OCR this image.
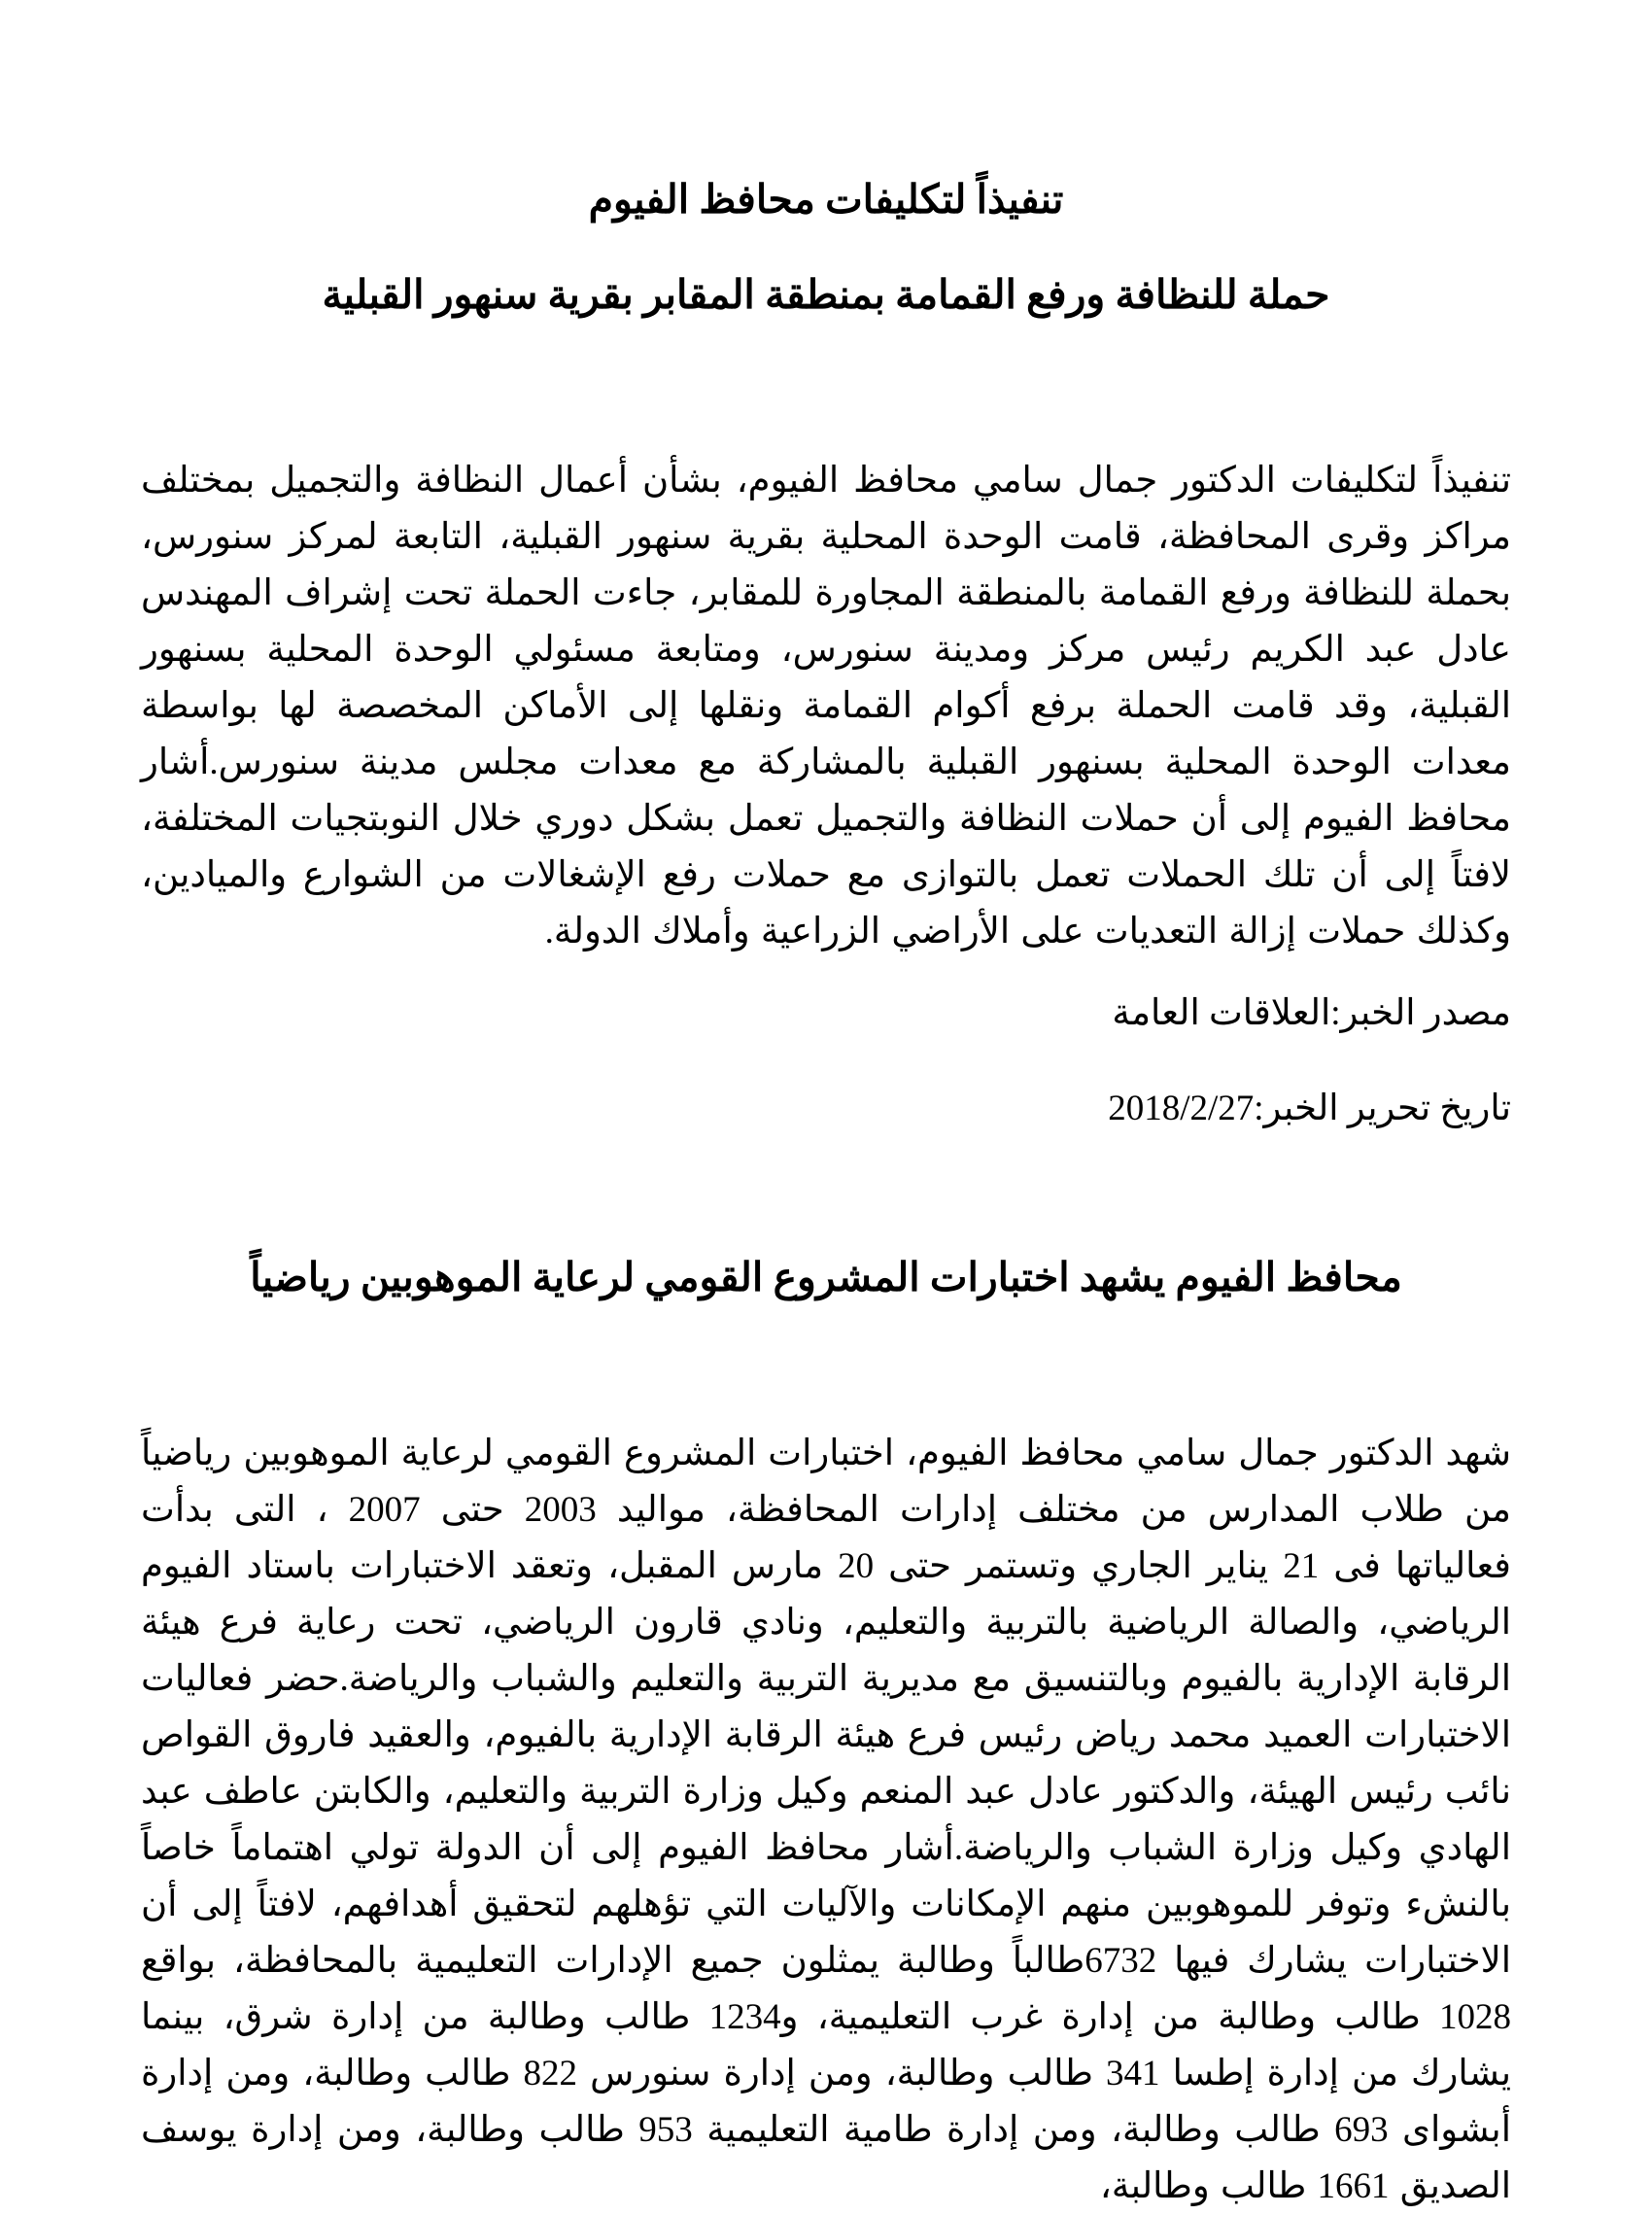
تنفيذاً لتكليفات محافظ الفيوم
حملة للنظافة ورفع القمامة بمنطقة المقابر بقرية سنهور القبلية

تنفيذاً لتكليفات الدكتور جمال سامي محافظ الفيوم، بشأن أعمال النظافة والتجميل بمختلف مراكز وقرى المحافظة، قامت الوحدة المحلية بقرية سنهور القبلية، التابعة لمركز سنورس، بحملة للنظافة ورفع القمامة بالمنطقة المجاورة للمقابر، جاءت الحملة تحت إشراف المهندس عادل عبد الكريم رئيس مركز ومدينة سنورس، ومتابعة مسئولي الوحدة المحلية بسنهور القبلية، وقد قامت الحملة برفع أكوام القمامة ونقلها إلى الأماكن المخصصة لها بواسطة معدات الوحدة المحلية بسنهور القبلية بالمشاركة مع معدات مجلس مدينة سنورس.أشار محافظ الفيوم إلى أن حملات النظافة والتجميل تعمل بشكل دوري خلال النوبتجيات المختلفة، لافتاً إلى أن تلك الحملات تعمل بالتوازى مع حملات رفع الإشغالات من الشوارع والميادين، وكذلك حملات إزالة التعديات على الأراضي الزراعية وأملاك الدولة.

مصدر الخبر:العلاقات العامة

تاريخ تحرير الخبر:2018/2/27

محافظ الفيوم يشهد اختبارات المشروع القومي لرعاية الموهوبين رياضياً

شهد الدكتور جمال سامي محافظ الفيوم، اختبارات المشروع القومي لرعاية الموهوبين رياضياً من طلاب المدارس من مختلف إدارات المحافظة، مواليد 2003 حتى 2007 ، التى بدأت فعالياتها فى 21 يناير الجاري وتستمر حتى 20 مارس المقبل، وتعقد الاختبارات باستاد الفيوم الرياضي، والصالة الرياضية بالتربية والتعليم، ونادي قارون الرياضي، تحت رعاية فرع هيئة الرقابة الإدارية بالفيوم وبالتنسيق مع مديرية التربية والتعليم والشباب والرياضة.حضر فعاليات الاختبارات العميد محمد رياض رئيس فرع هيئة الرقابة الإدارية بالفيوم، والعقيد فاروق القواص نائب رئيس الهيئة، والدكتور عادل عبد المنعم وكيل وزارة التربية والتعليم، والكابتن عاطف عبد الهادي وكيل وزارة الشباب والرياضة.أشار محافظ الفيوم إلى أن الدولة تولي اهتماماً خاصاً بالنشء وتوفر للموهوبين منهم الإمكانات والآليات التي تؤهلهم لتحقيق أهدافهم، لافتاً إلى أن الاختبارات يشارك فيها 6732طالباً وطالبة يمثلون جميع الإدارات التعليمية بالمحافظة، بواقع 1028 طالب وطالبة من إدارة غرب التعليمية، و1234 طالب وطالبة من إدارة شرق، بينما يشارك من إدارة إطسا 341 طالب وطالبة، ومن إدارة سنورس 822 طالب وطالبة، ومن إدارة أبشواى 693 طالب وطالبة، ومن إدارة طامية التعليمية 953 طالب وطالبة، ومن إدارة يوسف الصديق 1661 طالب وطالبة،
